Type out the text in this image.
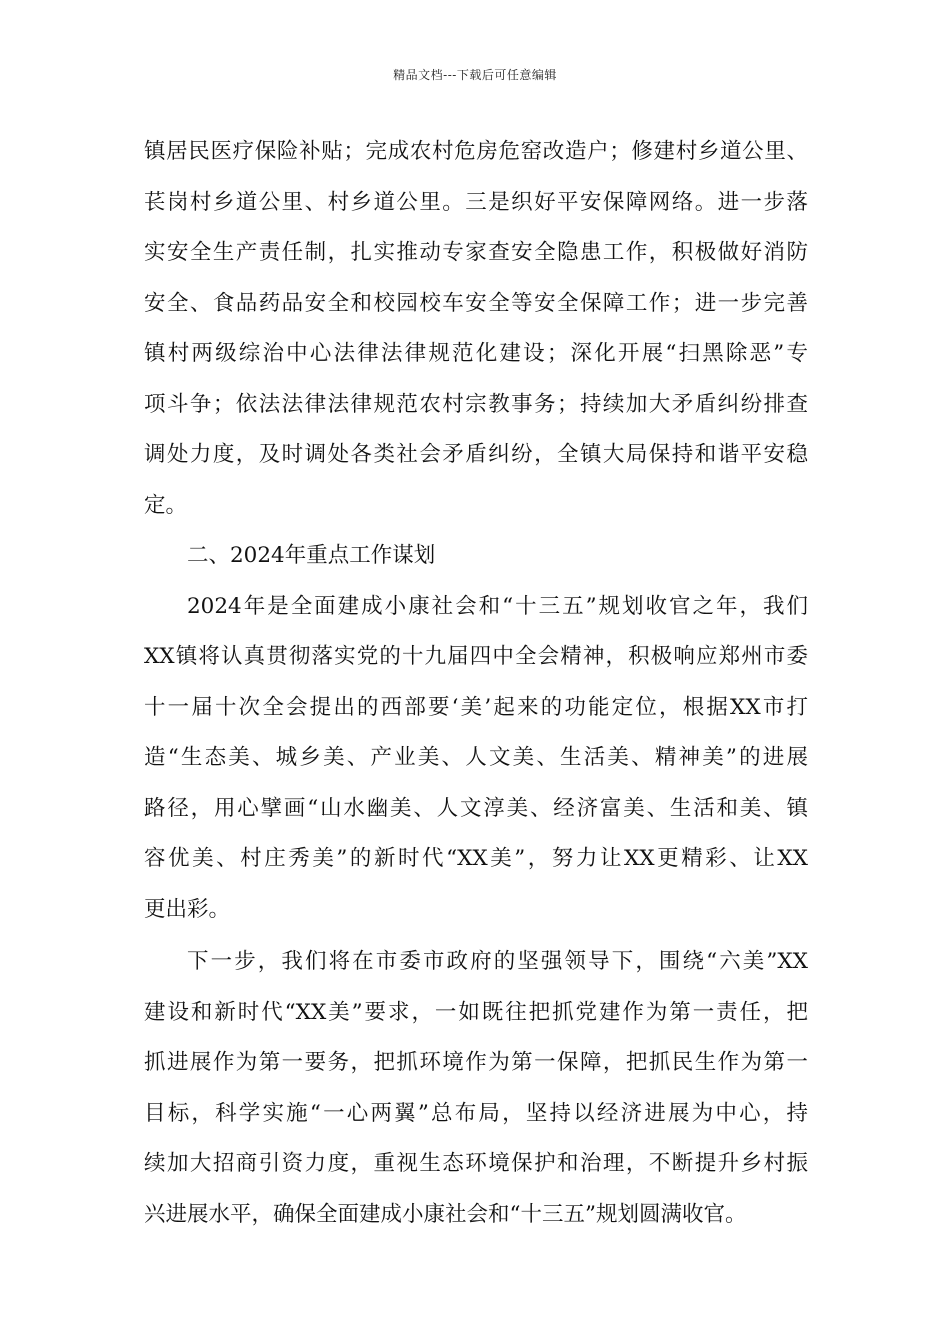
精品文档---下载后可任意编辑
镇居民医疗保险补贴；完成农村危房危窑改造户；修建村乡道公里、
苌岗村乡道公里、村乡道公里。三是织好平安保障网络。进一步落
实安全生产责任制，扎实推动专家查安全隐患工作，积极做好消防
安全、食品药品安全和校园校车安全等安全保障工作；进一步完善
镇村两级综治中心法律法律规范化建设；深化开展“扫黑除恶”专
项斗争；依法法律法律规范农村宗教事务；持续加大矛盾纠纷排查
调处力度，及时调处各类社会矛盾纠纷，全镇大局保持和谐平安稳
定。
二、2024年重点工作谋划
2024年是全面建成小康社会和“十三五”规划收官之年，我们
XX镇将认真贯彻落实党的十九届四中全会精神，积极响应郑州市委
十一届十次全会提出的西部要‘美’起来的功能定位，根据XX市打
造“生态美、城乡美、产业美、人文美、生活美、精神美”的进展
路径，用心擘画“山水幽美、人文淳美、经济富美、生活和美、镇
容优美、村庄秀美”的新时代“XX美”，努力让XX更精彩、让XX
更出彩。
下一步，我们将在市委市政府的坚强领导下，围绕“六美”XX
建设和新时代“XX美”要求，一如既往把抓党建作为第一责任，把
抓进展作为第一要务，把抓环境作为第一保障，把抓民生作为第一
目标，科学实施“一心两翼”总布局，坚持以经济进展为中心，持
续加大招商引资力度，重视生态环境保护和治理，不断提升乡村振
兴进展水平，确保全面建成小康社会和“十三五”规划圆满收官。
